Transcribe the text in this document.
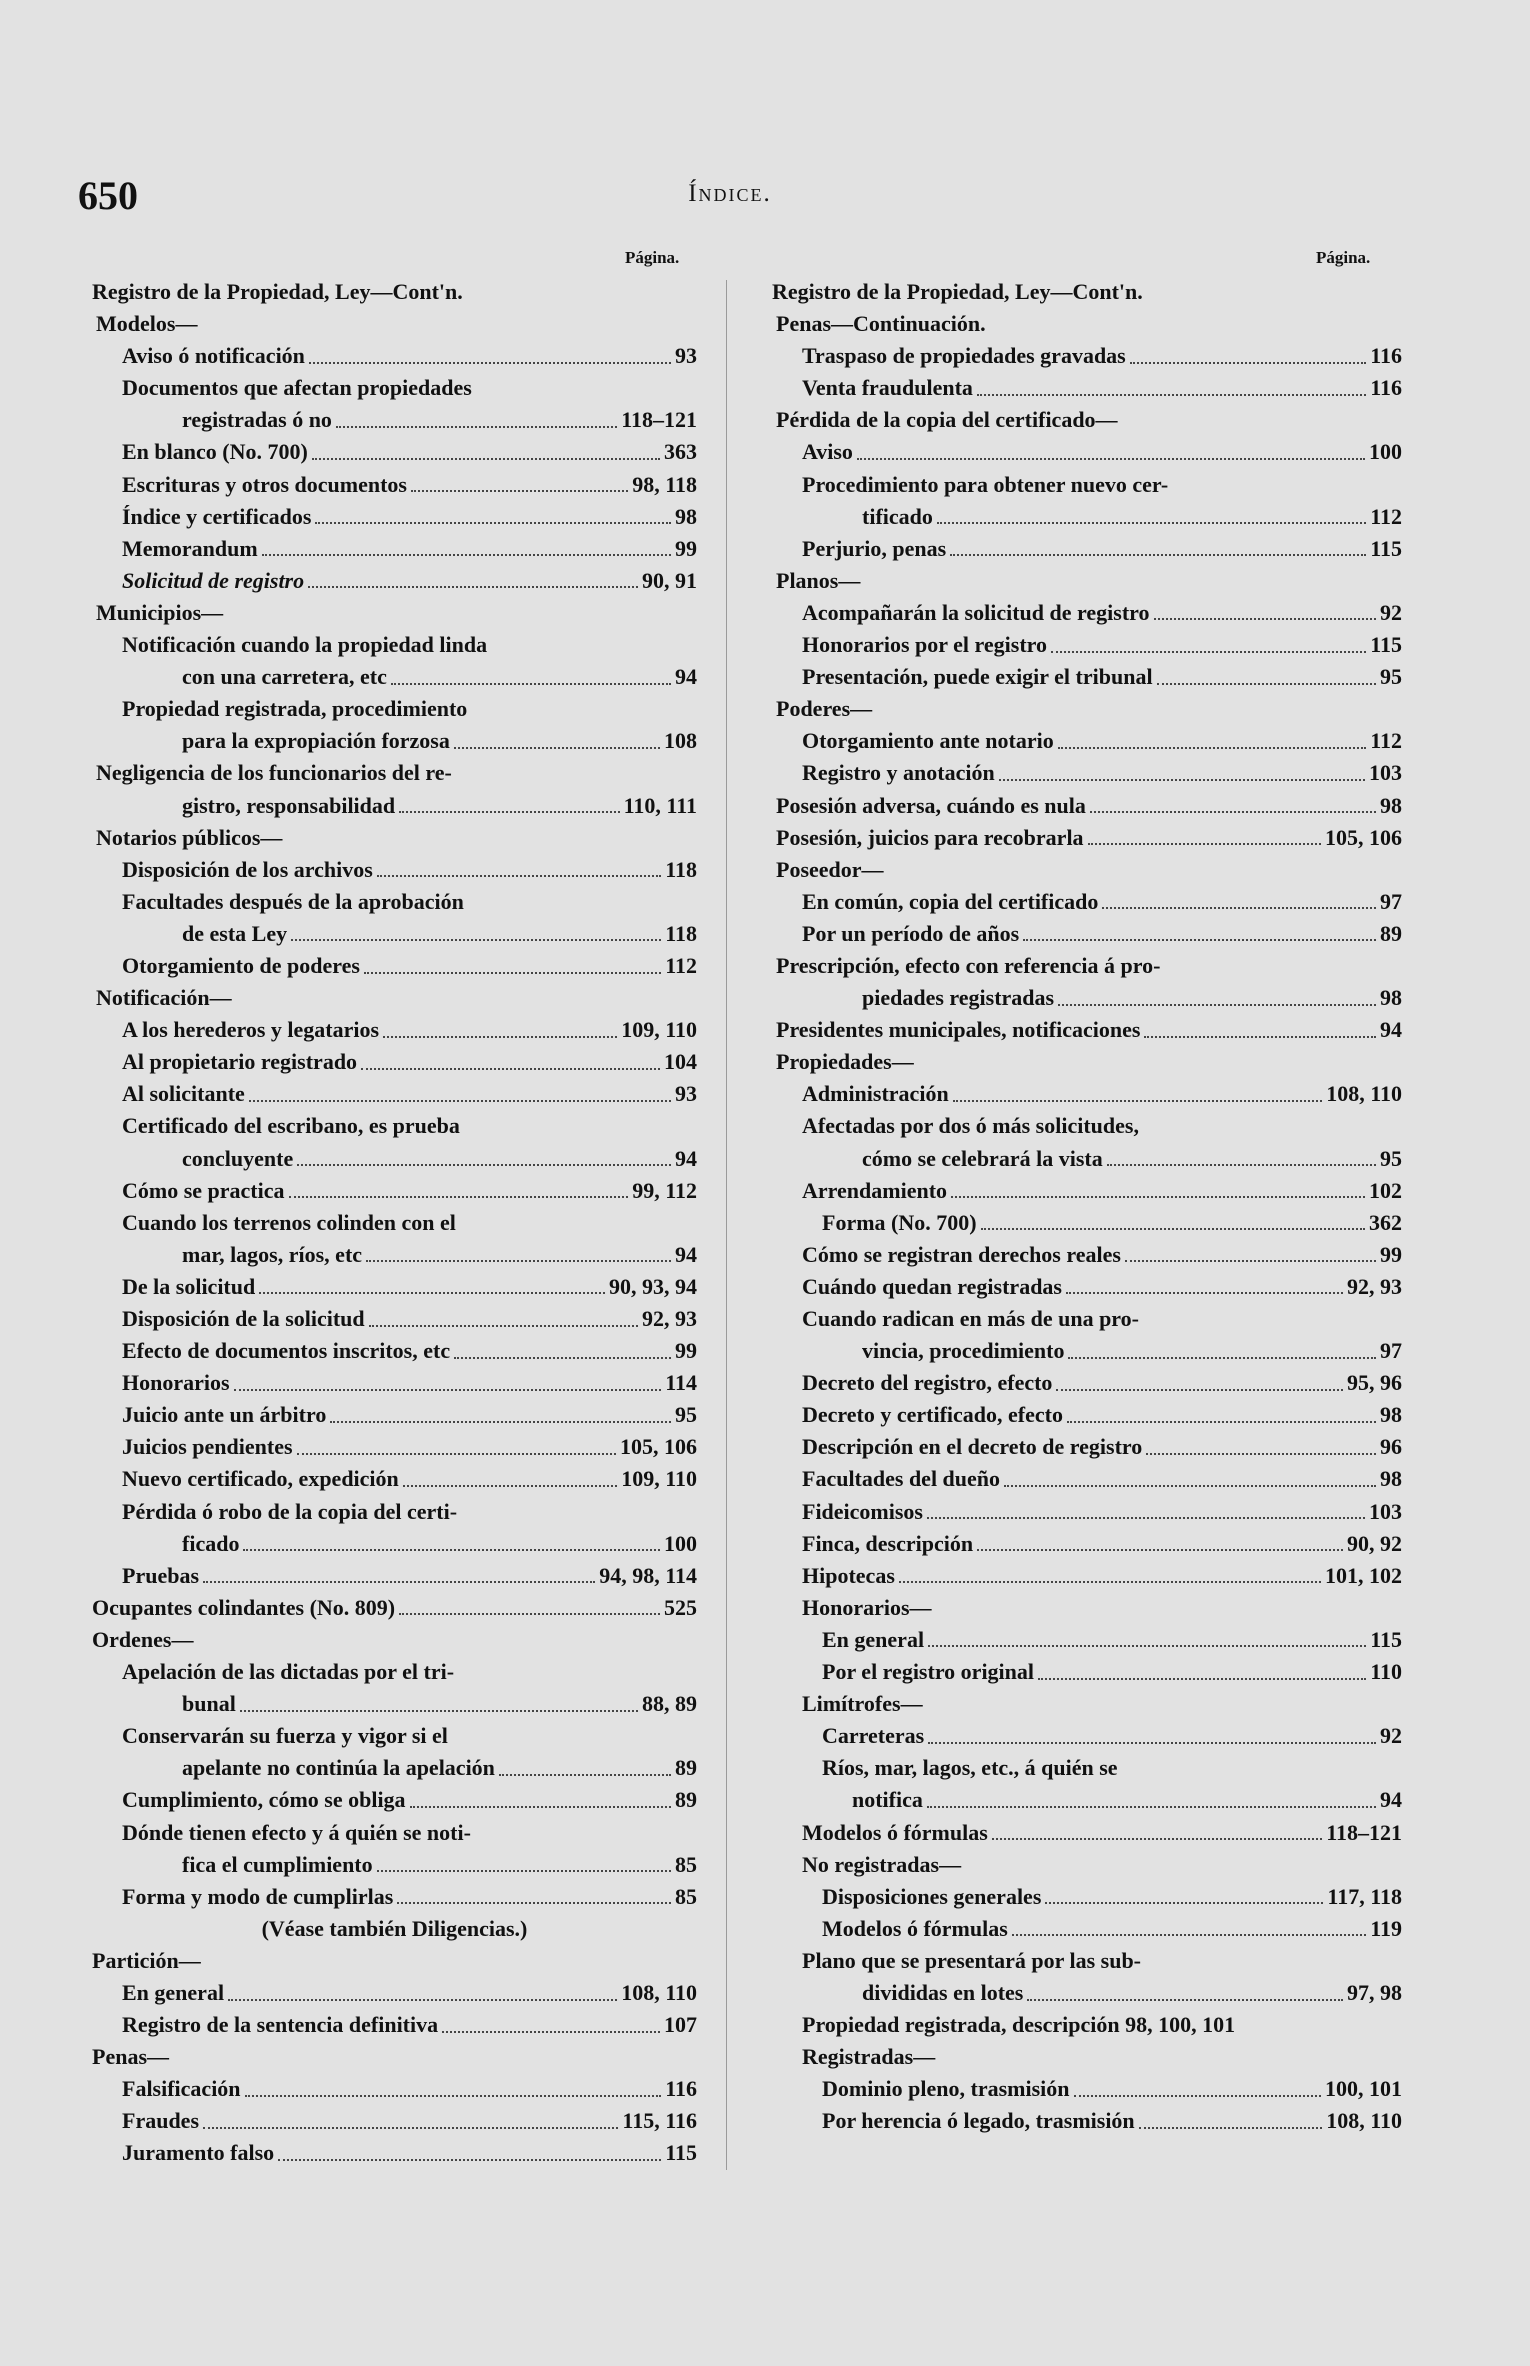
650	Índice.
Página.	Página.
Registro de la Propiedad, Ley—Cont'n.
Modelos—
Aviso ó notificación	93
Documentos que afectan propiedades
registradas ó no	118–121
En blanco (No. 700)	363
Escrituras y otros documentos	98, 118
Índice y certificados	98
Memorandum	99
Solicitud de registro	90, 91
Municipios—
Notificación cuando la propiedad linda
con una carretera, etc	94
Propiedad registrada, procedimiento
para la expropiación forzosa	108
Negligencia de los funcionarios del re-
gistro, responsabilidad	110, 111
Notarios públicos—
Disposición de los archivos	118
Facultades después de la aprobación
de esta Ley	118
Otorgamiento de poderes	112
Notificación—
A los herederos y legatarios	109, 110
Al propietario registrado	104
Al solicitante	93
Certificado del escribano, es prueba
concluyente	94
Cómo se practica	99, 112
Cuando los terrenos colinden con el
mar, lagos, ríos, etc	94
De la solicitud	90, 93, 94
Disposición de la solicitud	92, 93
Efecto de documentos inscritos, etc	99
Honorarios	114
Juicio ante un árbitro	95
Juicios pendientes	105, 106
Nuevo certificado, expedición	109, 110
Pérdida ó robo de la copia del certi-
ficado	100
Pruebas	94, 98, 114
Ocupantes colindantes (No. 809)	525
Ordenes—
Apelación de las dictadas por el tri-
bunal	88, 89
Conservarán su fuerza y vigor si el
apelante no continúa la apelación	89
Cumplimiento, cómo se obliga	89
Dónde tienen efecto y á quién se noti-
fica el cumplimiento	85
Forma y modo de cumplirlas	85
(Véase también Diligencias.)
Partición—
En general	108, 110
Registro de la sentencia definitiva	107
Penas—
Falsificación	116
Fraudes	115, 116
Juramento falso	115
Registro de la Propiedad, Ley—Cont'n.
Penas—Continuación.
Traspaso de propiedades gravadas	116
Venta fraudulenta	116
Pérdida de la copia del certificado—
Aviso	100
Procedimiento para obtener nuevo cer-
tificado	112
Perjurio, penas	115
Planos—
Acompañarán la solicitud de registro	92
Honorarios por el registro	115
Presentación, puede exigir el tribunal	95
Poderes—
Otorgamiento ante notario	112
Registro y anotación	103
Posesión adversa, cuándo es nula	98
Posesión, juicios para recobrarla	105, 106
Poseedor—
En común, copia del certificado	97
Por un período de años	89
Prescripción, efecto con referencia á pro-
piedades registradas	98
Presidentes municipales, notificaciones	94
Propiedades—
Administración	108, 110
Afectadas por dos ó más solicitudes,
cómo se celebrará la vista	95
Arrendamiento	102
Forma (No. 700)	362
Cómo se registran derechos reales	99
Cuándo quedan registradas	92, 93
Cuando radican en más de una pro-
vincia, procedimiento	97
Decreto del registro, efecto	95, 96
Decreto y certificado, efecto	98
Descripción en el decreto de registro	96
Facultades del dueño	98
Fideicomisos	103
Finca, descripción	90, 92
Hipotecas	101, 102
Honorarios—
En general	115
Por el registro original	110
Limítrofes—
Carreteras	92
Ríos, mar, lagos, etc., á quién se
notifica	94
Modelos ó fórmulas	118–121
No registradas—
Disposiciones generales	117, 118
Modelos ó fórmulas	119
Plano que se presentará por las sub-
divididas en lotes	97, 98
Propiedad registrada, descripción 98, 100, 101
Registradas—
Dominio pleno, trasmisión	100, 101
Por herencia ó legado, trasmisión	108, 110
